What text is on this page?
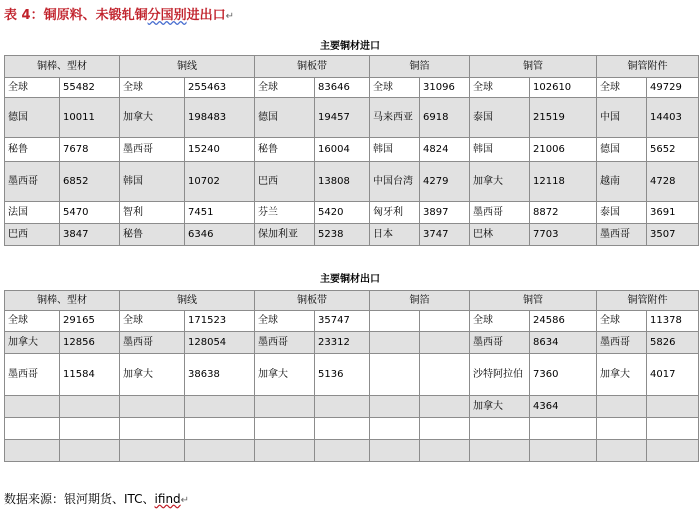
表 4：铜原料、未锻轧铜分国别进出口↵
主要铜材进口
铜棒、型材		铜线		铜板带		铜箔		铜管		铜管附件	
全球	55482	全球	255463	全球	83646	全球	31096	全球	102610	全球	49729
德国	10011	加拿大	198483	德国	19457	马来西亚	6918	泰国	21519	中国	14403
秘鲁	7678	墨西哥	15240	秘鲁	16004	韩国	4824	韩国	21006	德国	5652
墨西哥	6852	韩国	10702	巴西	13808	中国台湾	4279	加拿大	12118	越南	4728
法国	5470	智利	7451	芬兰	5420	匈牙利	3897	墨西哥	8872	泰国	3691
巴西	3847	秘鲁	6346	保加利亚	5238	日本	3747	巴林	7703	墨西哥	3507
主要铜材出口
铜棒、型材		铜线		铜板带		铜箔		铜管		铜管附件	
全球	29165	全球	171523	全球	35747			全球	24586	全球	11378
加拿大	12856	墨西哥	128054	墨西哥	23312			墨西哥	8634	墨西哥	5826
墨西哥	11584	加拿大	38638	加拿大	5136			沙特阿拉伯	7360	加拿大	4017
								加拿大	4364		

数据来源：银河期货、ITC、ifind↵
